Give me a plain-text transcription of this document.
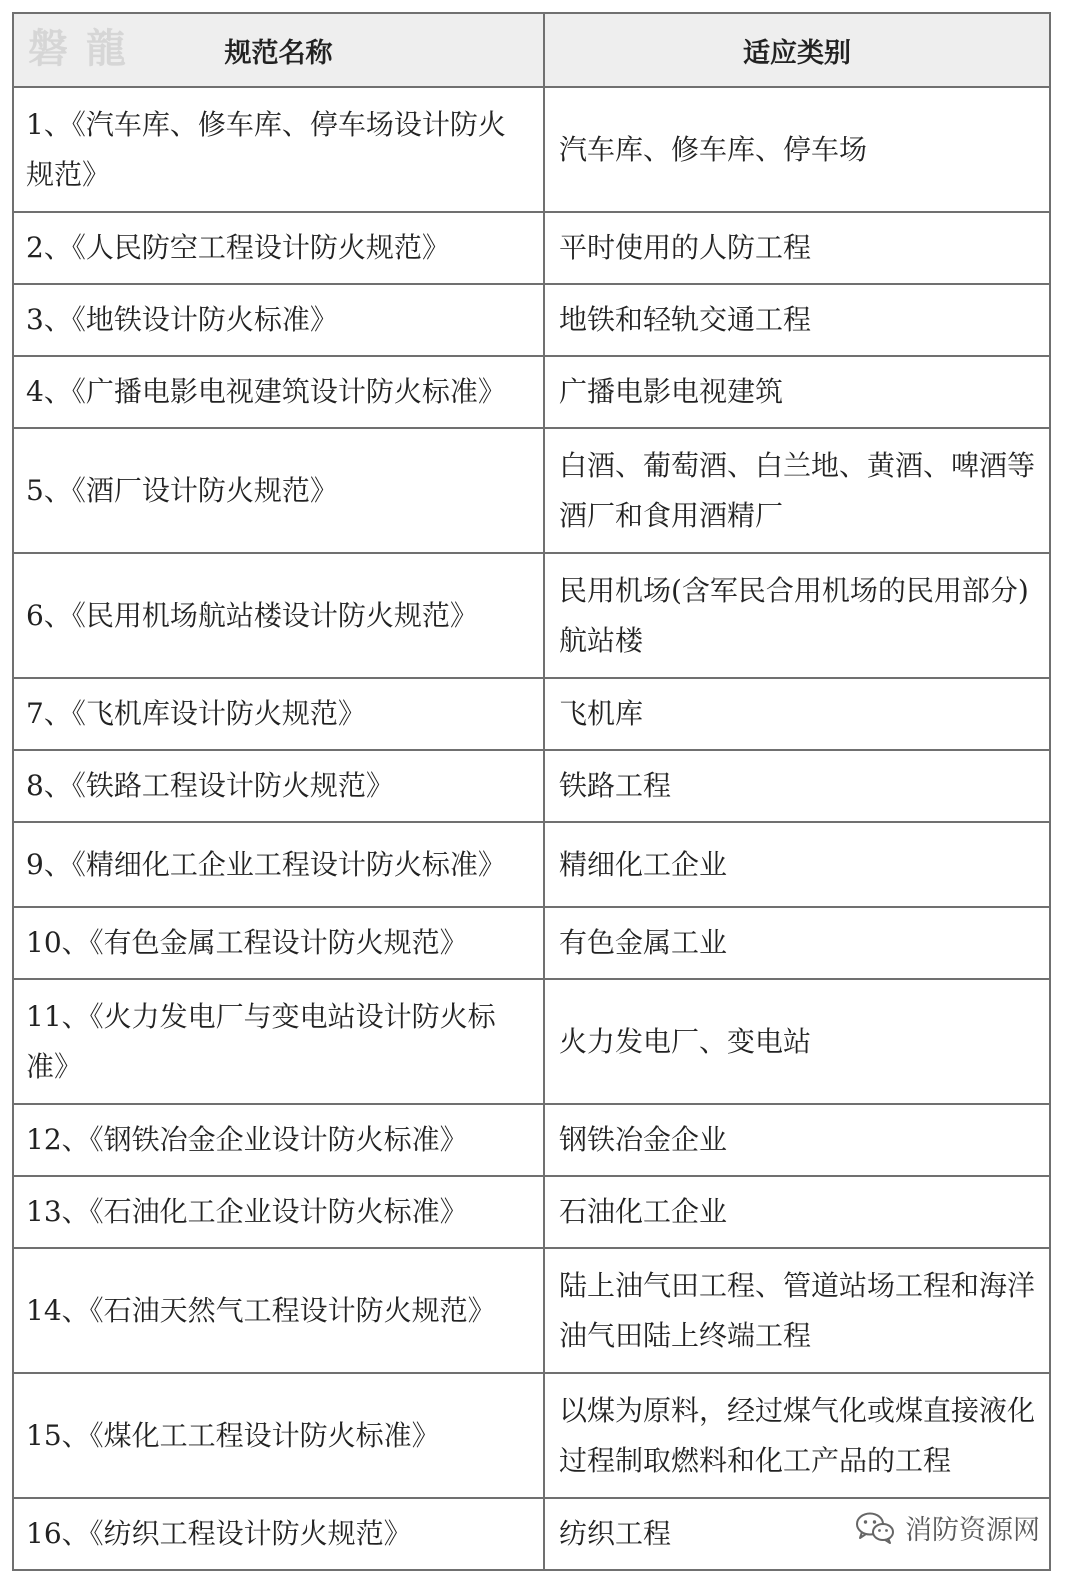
磐 龍 规范名称	适应类别
1、《汽车库、修车库、停车场设计防火规范》	汽车库、修车库、停车场
2、《人民防空工程设计防火规范》	平时使用的人防工程
3、《地铁设计防火标准》	地铁和轻轨交通工程
4、《广播电影电视建筑设计防火标准》	广播电影电视建筑
5、《酒厂设计防火规范》	白酒、葡萄酒、白兰地、黄酒、啤酒等酒厂和食用酒精厂
6、《民用机场航站楼设计防火规范》	民用机场(含军民合用机场的民用部分)航站楼
7、《飞机库设计防火规范》	飞机库
8、《铁路工程设计防火规范》	铁路工程
9、《精细化工企业工程设计防火标准》	精细化工企业
10、《有色金属工程设计防火规范》	有色金属工业
11、《火力发电厂与变电站设计防火标准》	火力发电厂、变电站
12、《钢铁冶金企业设计防火标准》	钢铁冶金企业
13、《石油化工企业设计防火标准》	石油化工企业
14、《石油天然气工程设计防火规范》	陆上油气田工程、管道站场工程和海洋油气田陆上终端工程
15、《煤化工工程设计防火标准》	以煤为原料，经过煤气化或煤直接液化过程制取燃料和化工产品的工程
16、《纺织工程设计防火规范》	纺织工程	消防资源网
